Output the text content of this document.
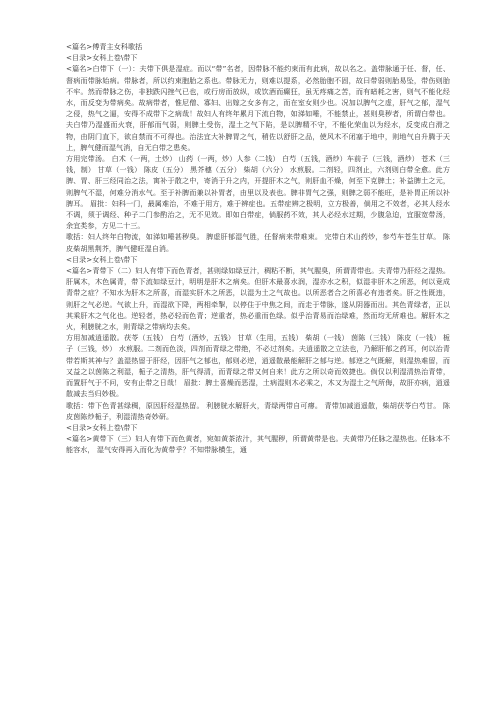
<篇名>傅青主女科歌括

<目录>女科上卷\带下

<篇名>白带下（一）：夫带下俱是湿症。而以“带”名者，因带脉不能约束而有此病，故以名之。盖带脉通于任、督，任、督病而带脉始病。带脉者，所以约束胞胎之系也。带脉无力，则难以提系，必然胎胞不固，故曰带弱则胎易坠，带伤则胎不牢。然而带脉之伤，非独跌闪挫气已也，或行房而放纵，或饮酒而癫狂，虽无疼痛之苦，而有暗耗之害，则气不能化经水，而反变为带病矣。故病带者，惟尼僧、寡妇、出嫁之女多有之，而在室女则少也。况加以脾气之虚，肝气之郁，湿气之侵，热气之逼，安得不成带下之病哉！故妇人有终年累月下流白物，如涕如唾，不能禁止，甚则臭秽者，所谓白带也。夫白带乃湿盛而火衰，肝郁而气弱，则脾土受伤，湿土之气下陷，是以脾精不守，不能化荣血以为经水，反变成白滑之物，由阴门直下，欲自禁而不可得也。治法宜大补脾胃之气，稍佐以舒肝之品，使风木不闭塞于地中，则地气自升腾于天上，脾气健而湿气消，自无白带之患矣。

方用完带汤。 白术（一两，土炒） 山药（一两，炒）人参（二钱） 白芍（五钱，酒炒）车前子（三钱，酒炒） 苍术（三钱，制） 甘草（一钱） 陈皮（五分） 黑芥穗（五分） 柴胡（六分） 水煎服。二剂轻，四剂止，六剂则白带全愈。此方脾、胃、肝三经同治之法，寓补于散之中，寄消于升之内，开提肝木之气，则肝血不燥，何至下克脾土；补益脾土之元，则脾气不湿，何难分消水气。至于补脾而兼以补胃者，由里以及表也。脾非胃气之强，则脾之弱不能旺，是补胃正所以补脾耳。 眉批：妇科一门，最属难治，不难于用方，难于辨症也。五带症辨之极明，立方极善，倘用之不效者，必其人经水不调，须于调经、种子二门参酌治之，无不见效。即如白带症，倘服药不效，其人必经水过期，少腹急迫，宜服宽带汤，余宜类参，方见二十三。

歌括：妇人终年白物流，如涕如唾甚秽臭。 脾虚肝郁湿气胜，任督病来带难束。 完带白术山药炒，参芍车苍生甘草。 陈皮柴胡黑荆芥，脾气健旺湿自消。

<目录>女科上卷\带下

<篇名>青带下（二）妇人有带下而色青者，甚则绿如绿豆汁，稠粘不断，其气腥臭，所谓青带也。夫青带乃肝经之湿热。肝属木，木色属青，带下流如绿豆汁，明明是肝木之病矣。但肝木最喜水润，湿亦水之积，似湿非肝木之所恶，何以竟成青带之症？不知水为肝木之所喜，而湿实肝木之所恶，以湿为土之气故也。以所恶者合之所喜必有违者矣。肝之性既违，则肝之气必逆。气欲上升，而湿欲下降，两相牵掣，以停住于中焦之间，而走于带脉，遂从阴器而出。其色青绿者，正以其乘肝木之气化也。逆轻者，热必轻而色青；逆重者，热必重而色绿。似乎治青易而治绿难，然而均无所难也。解肝木之火，利膀胱之水，则青绿之带病均去矣。

方用加减逍遥散。茯苓（五钱） 白芍（酒炒，五钱） 甘草（生用，五钱） 柴胡（一钱） 茵陈（三钱） 陈皮（一钱） 栀子（三钱，炒） 水煎服。二剂而色淡，四剂而青绿之带绝，不必过剂矣。夫逍遥散之立法也，乃解肝郁之药耳，何以治青带若斯其神与？盖湿热留于肝经，因肝气之郁也，郁则必逆，逍遥散最能解肝之郁与逆。郁逆之气既解，则湿热难留，而又益之以茵陈之利湿，栀子之清热，肝气得清，而青绿之带又何自来！此方之所以奇而效捷也。倘仅以利湿清热治青带，而置肝气于不问，安有止带之日哉！ 眉批：脾土喜燥而恶湿，土病湿则木必乘之，木又为湿土之气所侮，故肝亦病，逍遥散减去当归妙极。

歌括：带下色青甚绿稠，原因肝经湿热留。 利膀胱水解肝火，青绿两带自可瘳。 青带加减逍遥散，柴胡茯苓白芍甘。 陈皮茵陈炒栀子，利湿清热奇妙研。

<目录>女科上卷\带下

<篇名>黄带下（三）妇人有带下而色黄者，宛如黄茶浓汁，其气腥秽，所谓黄带是也。夫黄带乃任脉之湿热也。任脉本不能容水， 湿气安得再入而化为黄带乎？不知带脉横生，通
